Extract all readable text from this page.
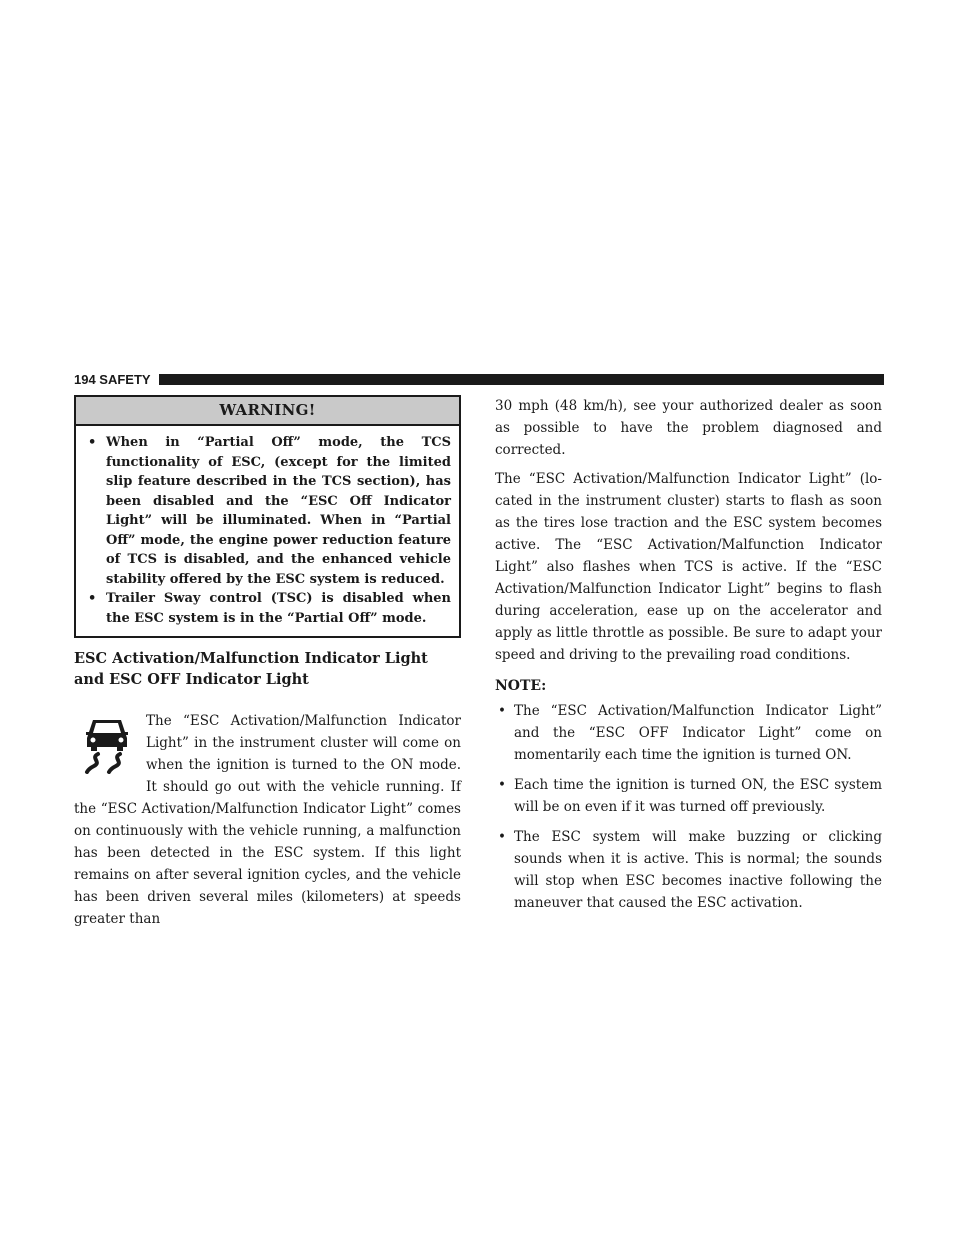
194 SAFETY
WARNING!
• When in “Partial Off” mode, the TCS functionality of ESC, (except for the limited slip feature described in the TCS section), has been disabled and the “ESC Off Indicator Light” will be illuminated. When in “Partial Off” mode, the engine power reduction feature of TCS is disabled, and the enhanced vehicle stability offered by the ESC system is reduced.
• Trailer Sway control (TSC) is disabled when the ESC system is in the “Partial Off” mode.
ESC Activation/Malfunction Indicator Light and ESC OFF Indicator Light

The “ESC Activation/Malfunction Indicator Light” in the instrument cluster will come on when the ignition is turned to the ON mode. It should go out with the vehicle running. If the “ESC Activation/Malfunction Indicator Light” comes on continuously with the vehicle running, a malfunction has been detected in the ESC system. If this light remains on after several ignition cycles, and the vehicle has been driven several miles (kilometers) at speeds greater than

30 mph (48 km/h), see your authorized dealer as soon as possible to have the problem diagnosed and corrected.

The “ESC Activation/Malfunction Indicator Light” (lo-cated in the instrument cluster) starts to flash as soon as the tires lose traction and the ESC system becomes active. The “ESC Activation/Malfunction Indicator Light” also flashes when TCS is active. If the “ESC Activation/Malfunction Indicator Light” begins to flash during acceleration, ease up on the accelerator and apply as little throttle as possible. Be sure to adapt your speed and driving to the prevailing road conditions.

NOTE:
• The “ESC Activation/Malfunction Indicator Light” and the “ESC OFF Indicator Light” come on momentarily each time the ignition is turned ON.
• Each time the ignition is turned ON, the ESC system will be on even if it was turned off previously.
• The ESC system will make buzzing or clicking sounds when it is active. This is normal; the sounds will stop when ESC becomes inactive following the maneuver that caused the ESC activation.
